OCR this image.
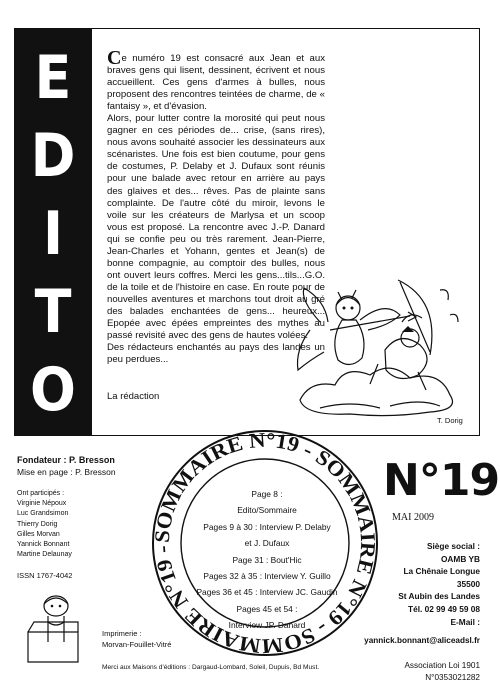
E
D
I
T
O

Ce numéro 19 est consacré aux Jean et aux braves gens qui lisent, dessinent, écrivent et nous accueillent. Ces gens d'armes à bulles, nous proposent des rencontres teintées de charme, de « fantaisy », et d'évasion.

Alors, pour lutter contre la morosité qui peut nous gagner en ces périodes de... crise, (sans rires), nous avons souhaité associer les dessinateurs aux scénaristes. Une fois est bien coutume, pour gens de costumes, P. Delaby et J. Dufaux sont réunis pour une balade avec retour en arrière au pays des glaives et des... rêves. Pas de plainte sans complainte. De l'autre côté du miroir, levons le voile sur les créateurs de Marlysa et un scoop vous est proposé. La rencontre avec J.-P. Danard qui se confie peu ou très rarement. Jean-Pierre, Jean-Charles et Yohann, gentes et Jean(s) de bonne compagnie, au comptoir des bulles, nous ont ouvert leurs coffres. Merci les gens...tils...G.O. de la toile et de l'histoire en case. En route pour de nouvelles aventures et marchons tout droit au gré des balades enchantées de gens... heureux... Epopée avec épées empreintes des mythes au passé revisité avec des gens de hautes volées.

Des rédacteurs enchantés au pays des landes un peu perdues...

La rédaction
T. Dorig
Fondateur : P. Bresson
Mise en page : P. Bresson
Ont participés :
Virginie Népoux
Luc Grandsimon
Thierry Dorig
Gilles Morvan
Yannick Bonnant
Martine Delaunay
ISSN 1767-4042
Imprimerie :
Morvan-Fouillet-Vitré
Merci aux Maisons d'éditions : Dargaud-Lombard, Soleil, Dupuis, Bd Must.
SOMMAIRE N°19 - SOMMAIRE N°19 - SOMMAIRE N°19 -
Page 8 :
Edito/Sommaire
Pages 9 à 30 : Interview P. Delaby
et J. Dufaux
Page 31 : Bout'Hic
Pages 32 à 35 : Interview Y. Guillo
Pages 36 et 45 : Interview JC. Gaudin
Pages 45 et 54 :
Interview JP. Danard
N°19
MAI 2009
Siège social :
OAMB YB
La Chênaie Longue
35500
St Aubin des Landes
Tél. 02 99 49 59 08
E-Mail :
yannick.bonnant@aliceadsl.fr
Association Loi 1901
N°0353021282
